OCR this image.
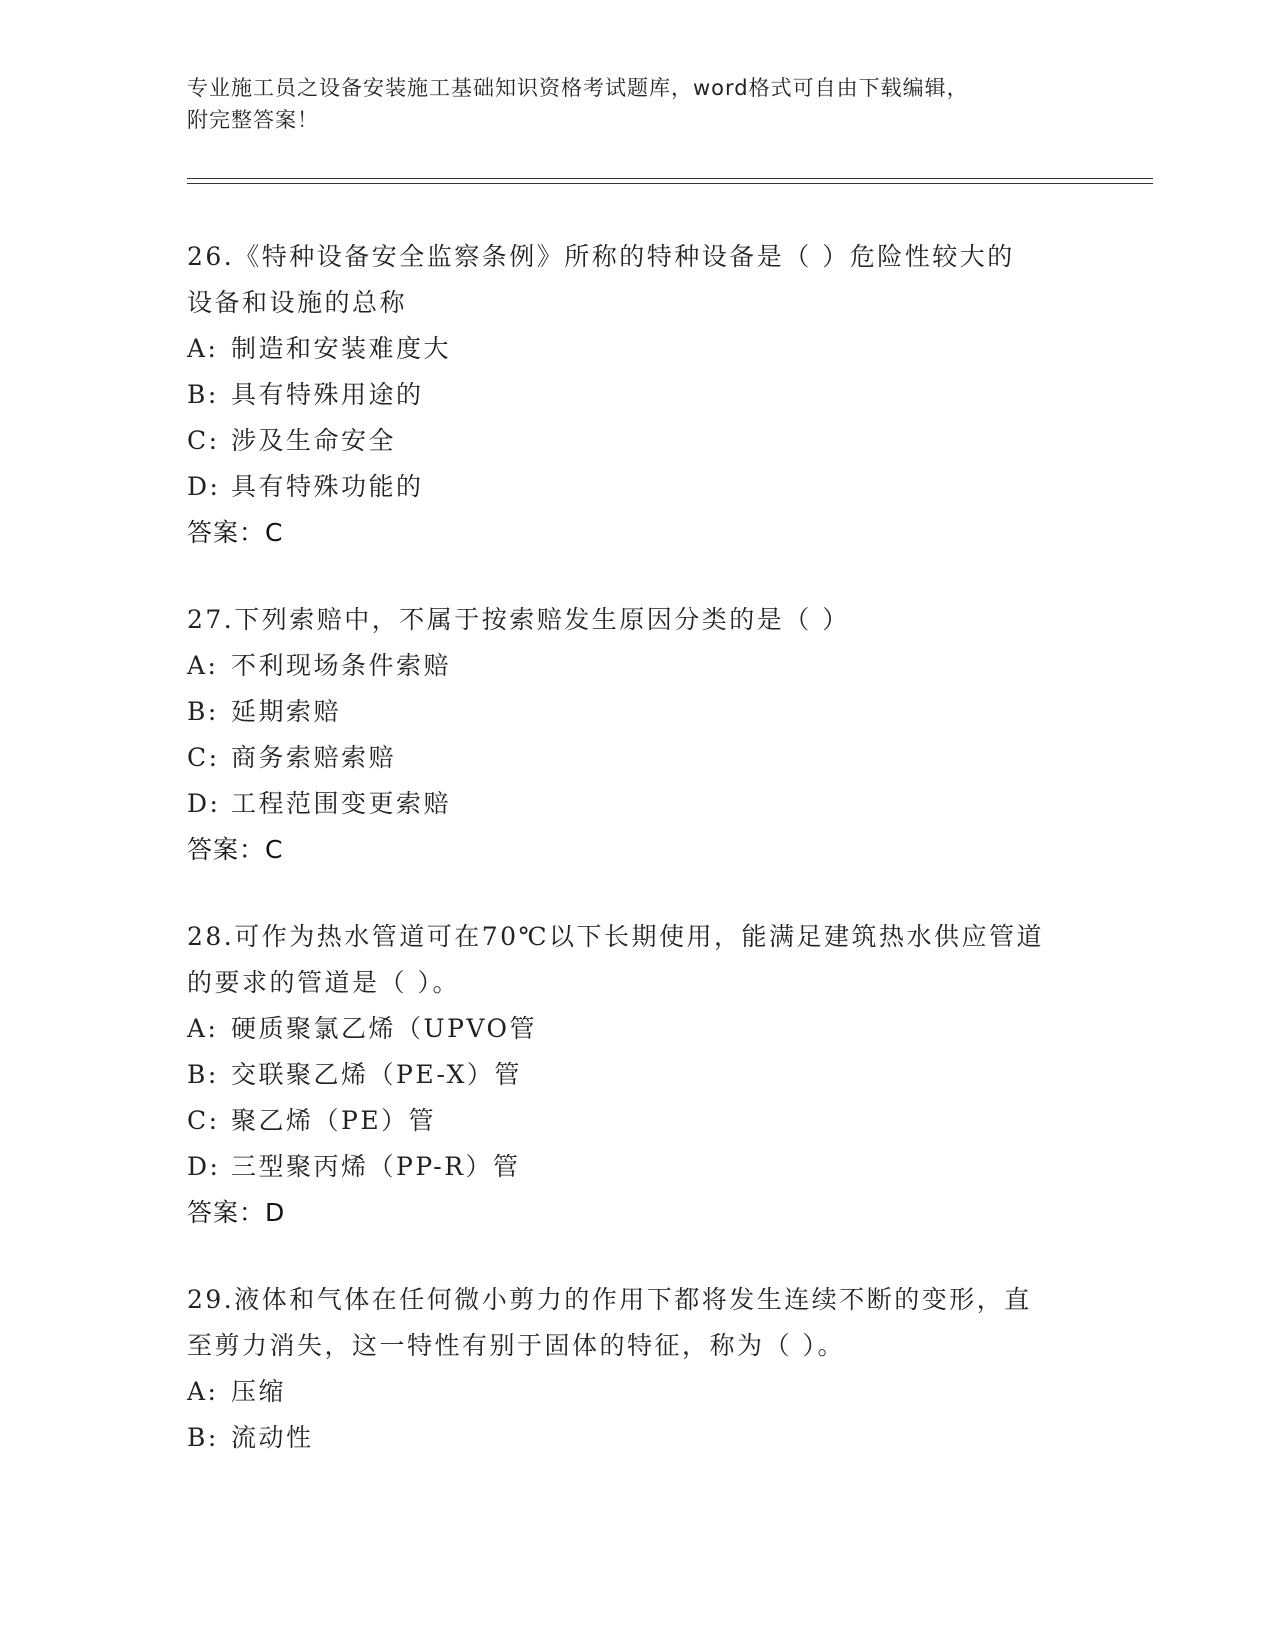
专业施工员之设备安装施工基础知识资格考试题库，word格式可自由下载编辑，
附完整答案！

26.《特种设备安全监察条例》所称的特种设备是（ ）危险性较大的

设备和设施的总称

A: 制造和安装难度大

B: 具有特殊用途的

C: 涉及生命安全

D: 具有特殊功能的

答案：C

27.下列索赔中，不属于按索赔发生原因分类的是（ ）

A: 不利现场条件索赔

B: 延期索赔

C: 商务索赔索赔

D: 工程范围变更索赔

答案：C

28.可作为热水管道可在70℃以下长期使用，能满足建筑热水供应管道

的要求的管道是（ ）。

A: 硬质聚氯乙烯（UPVO管

B: 交联聚乙烯（PE-X）管

C: 聚乙烯（PE）管

D: 三型聚丙烯（PP-R）管

答案：D

29.液体和气体在任何微小剪力的作用下都将发生连续不断的变形，直

至剪力消失，这一特性有别于固体的特征，称为（ ）。

A: 压缩

B: 流动性
